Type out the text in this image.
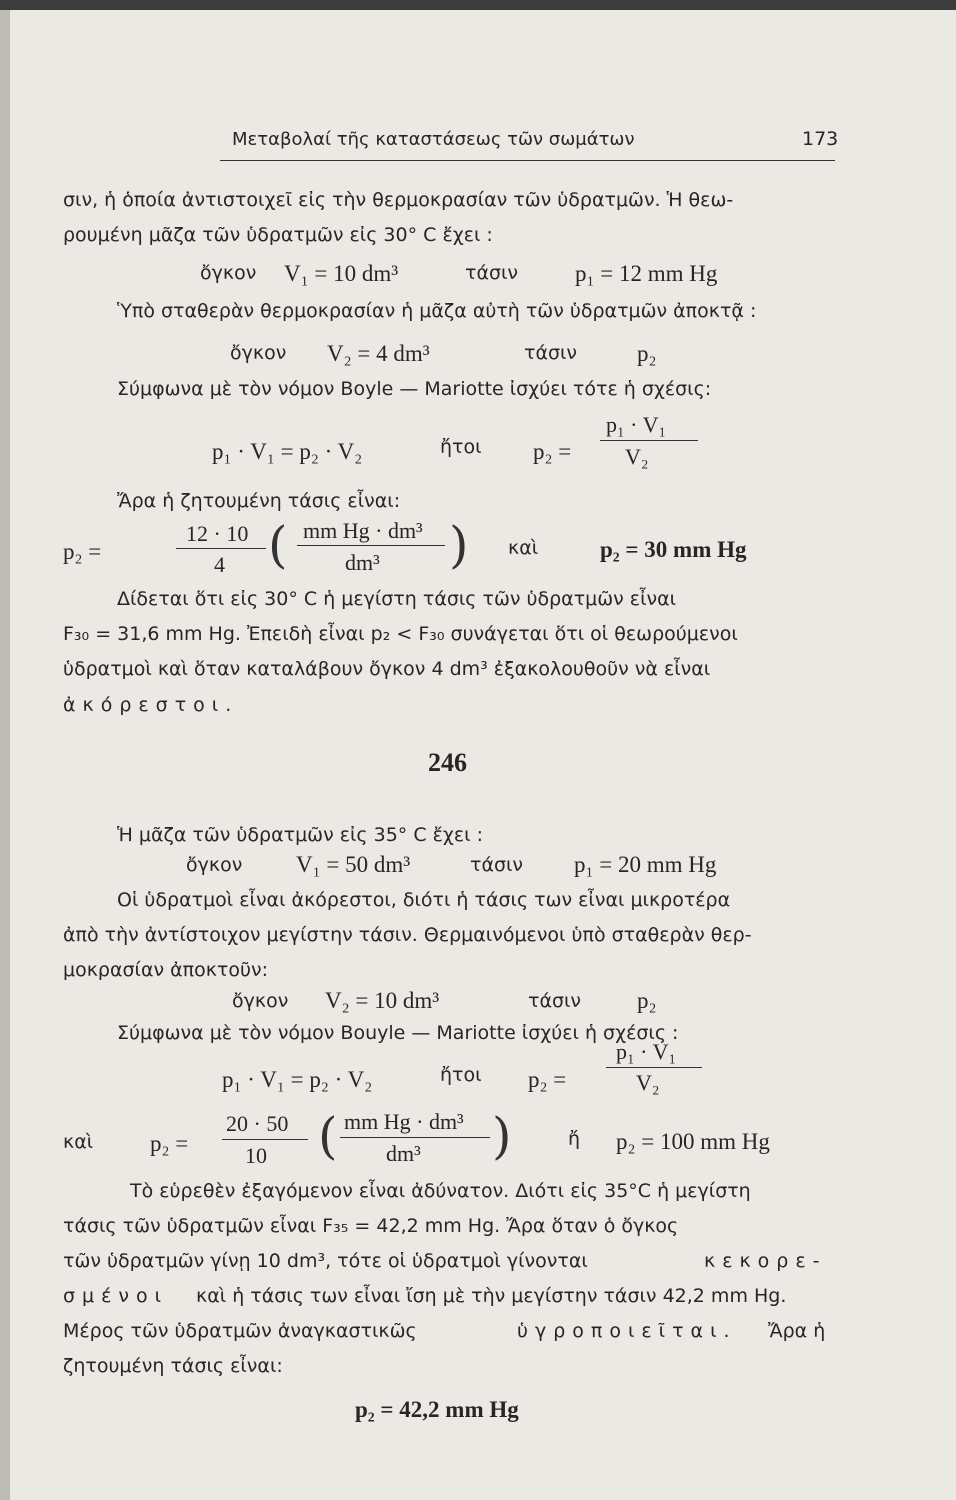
Μεταβολαί τῆς καταστάσεως τῶν σωμάτων	173
σιν, ἡ ὁποία ἀντιστοιχεῖ εἰς τὴν θερμοκρασίαν τῶν ὑδρατμῶν. Ἡ θεω-
ρουμένη μᾶζα τῶν ὑδρατμῶν εἰς 30° C ἔχει :
ὄγκον V₁ = 10 dm³	τάσιν p₁ = 12 mm Hg
Ὑπὸ σταθερὰν θερμοκρασίαν ἡ μᾶζα αὐτὴ τῶν ὑδρατμῶν ἀποκτᾷ :
ὄγκον V₂ = 4 dm³	τάσιν	p₂
Σύμφωνα μὲ τὸν νόμον Boyle — Mariotte ἰσχύει τότε ἡ σχέσις:
p₁ · V₁ = p₂ · V₂	ἤτοι p₂ =
p₁ · V₁
V₂
Ἄρα ἡ ζητουμένη τάσις εἶναι:
p₂ =
12 · 10
4 ( mm Hg · dm³
dm³ ) καὶ	p₂ = 30 mm Hg
Δίδεται ὅτι εἰς 30° C ἡ μεγίστη τάσις τῶν ὑδρατμῶν εἶναι
F₃₀ = 31,6 mm Hg. Ἐπειδὴ εἶναι p₂ < F₃₀ συνάγεται ὅτι οἱ θεωρούμενοι
ὑδρατμοὶ καὶ ὅταν καταλάβουν ὄγκον 4 dm³ ἐξακολουθοῦν νὰ εἶναι
ἀκόρεστοι.
246
Ἡ μᾶζα τῶν ὑδρατμῶν εἰς 35° C ἔχει :
ὄγκον V₁ = 50 dm³	τάσιν p₁ = 20 mm Hg
Οἱ ὑδρατμοὶ εἶναι ἀκόρεστοι, διότι ἡ τάσις των εἶναι μικροτέρα
ἀπὸ τὴν ἀντίστοιχον μεγίστην τάσιν. Θερμαινόμενοι ὑπὸ σταθερὰν θερ-
μοκρασίαν ἀποκτοῦν:
ὄγκον V₂ = 10 dm³	τάσιν p₂
Σύμφωνα μὲ τὸν νόμον Bouyle — Mariotte ἰσχύει ἡ σχέσις :
p₁ · V₁ = p₂ · V₂	ἤτοι p₂ =
p₁ · V₁
V₂
καὶ p₂ =
20 · 50
10 ( mm Hg · dm³
dm³ )	ἤ p₂ = 100 mm Hg
Τὸ εὑρεθὲν ἐξαγόμενον εἶναι ἀδύνατον. Διότι εἰς 35°C ἡ μεγίστη
τάσις τῶν ὑδρατμῶν εἶναι F₃₅ = 42,2 mm Hg. Ἄρα ὅταν ὁ ὄγκος
τῶν ὑδρατμῶν γίνῃ 10 dm³, τότε οἱ ὑδρατμοὶ γίνονται	κεκορε-
σμένοι καὶ ἡ τάσις των εἶναι ἴση μὲ τὴν μεγίστην τάσιν 42,2 mm Hg.
Μέρος τῶν ὑδρατμῶν ἀναγκαστικῶς	ὑγροποιεῖται. Ἄρα ἡ
ζητουμένη τάσις εἶναι:
p₂ = 42,2 mm Hg
